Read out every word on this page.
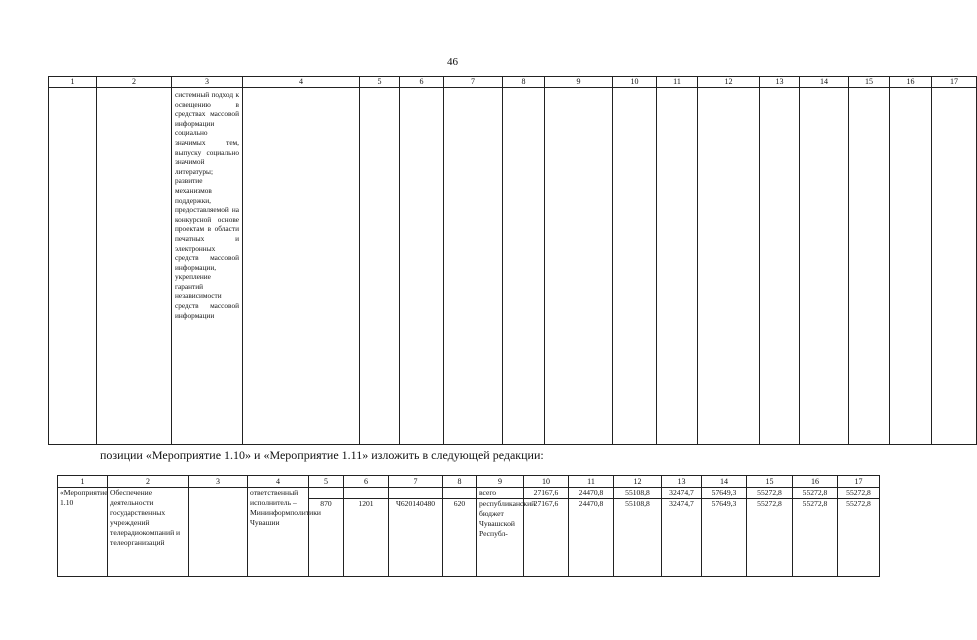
46
1	2	3	4	5	6	7	8	9	10	11	12	13	14	15	16	17
		системный подход к освещению в средствах массовой информации социально значимых тем, выпуску социально значимой литературы; развитие механизмов поддержки, предоставляемой на конкурсной основе проектам в области печатных и электронных средств массовой информации, укрепление гарантий независимости средств массовой информации														
позиции «Мероприятие 1.10» и «Мероприятие 1.11» изложить в следующей редакции:
1	2	3	4	5	6	7	8	9	10	11	12	13	14	15	16	17
«Мероприятие 1.10	Обеспечение деятельности государственных учреждений телерадиокомпаний и телеорганизаций		ответственный исполнитель – Мининформполитики Чувашии					всего	27167,6	24470,8	55108,8	32474,7	57649,3	55272,8	55272,8	55272,8
				870	1201	Ч620140480	620	республиканский бюджет Чувашской Республ-	27167,6	24470,8	55108,8	32474,7	57649,3	55272,8	55272,8	55272,8
